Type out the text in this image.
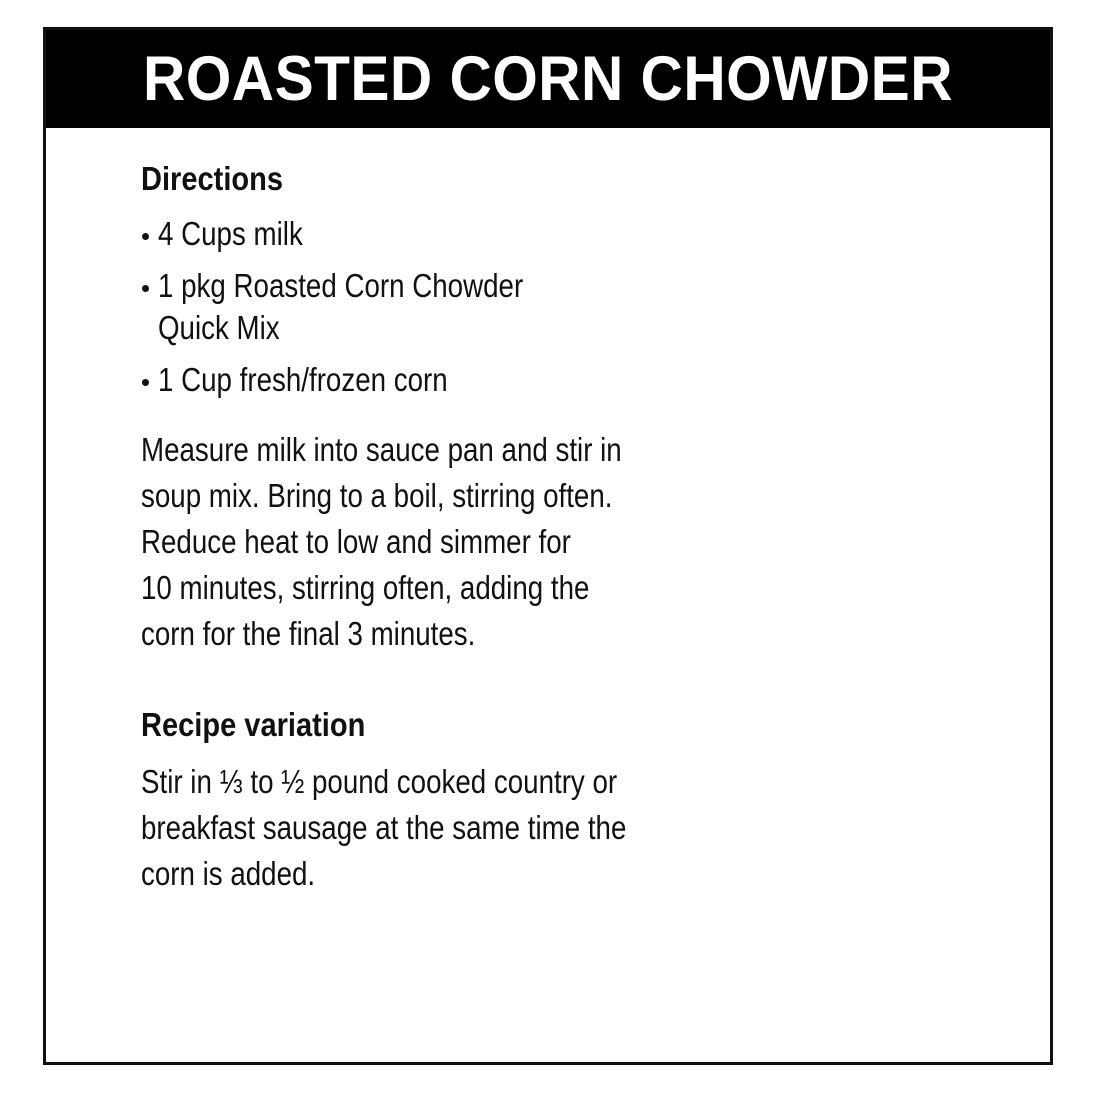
ROASTED CORN CHOWDER
Directions
4 Cups milk
1 pkg Roasted Corn Chowder
Quick Mix
1 Cup fresh/frozen corn
Measure milk into sauce pan and stir in
soup mix. Bring to a boil, stirring often.
Reduce heat to low and simmer for
10 minutes, stirring often, adding the
corn for the final 3 minutes.
Recipe variation
Stir in ⅓ to ½ pound cooked country or
breakfast sausage at the same time the
corn is added.
